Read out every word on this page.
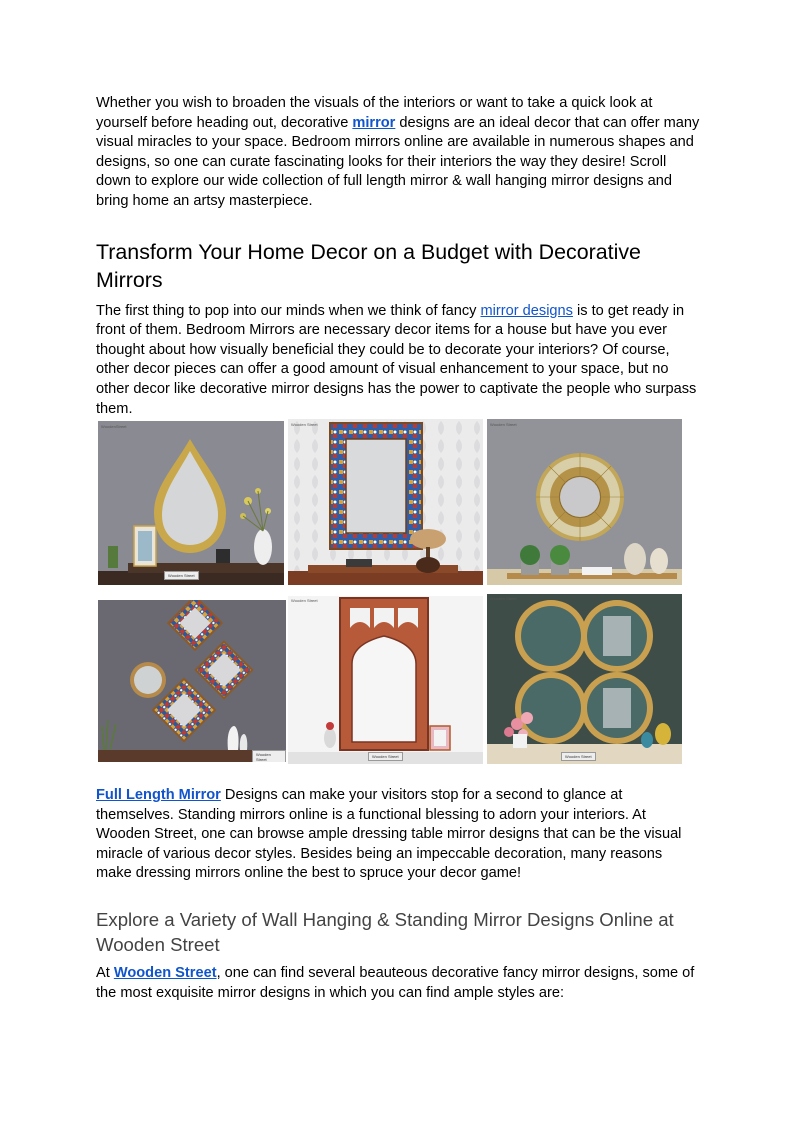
Whether you wish to broaden the visuals of the interiors or want to take a quick look at yourself before heading out, decorative mirror designs are an ideal decor that can offer many visual miracles to your space. Bedroom mirrors online are available in numerous shapes and designs, so one can curate fascinating looks for their interiors the way they desire! Scroll down to explore our wide collection of full length mirror & wall hanging mirror designs and bring home an artsy masterpiece.

Transform Your Home Decor on a Budget with Decorative Mirrors

The first thing to pop into our minds when we think of fancy mirror designs is to get ready in front of them. Bedroom Mirrors are necessary decor items for a house but have you ever thought about how visually beneficial they could be to decorate your interiors? Of course, other decor pieces can offer a good amount of visual enhancement to your space, but no other decor like decorative mirror designs has the power to captivate the people who surpass them.

WoodenStreet
Wooden Street
Wooden Street	Wooden Street
Wooden Street
Wooden Street
Wooden Street
Wooden Street
Wooden Street

Full Length Mirror Designs can make your visitors stop for a second to glance at themselves. Standing mirrors online is a functional blessing to adorn your interiors. At Wooden Street, one can browse ample dressing table mirror designs that can be the visual miracle of various decor styles. Besides being an impeccable decoration, many reasons make dressing mirrors online the best to spruce your decor game!

Explore a Variety of Wall Hanging & Standing Mirror Designs Online at Wooden Street

At Wooden Street, one can find several beauteous decorative fancy mirror designs, some of the most exquisite mirror designs in which you can find ample styles are:
